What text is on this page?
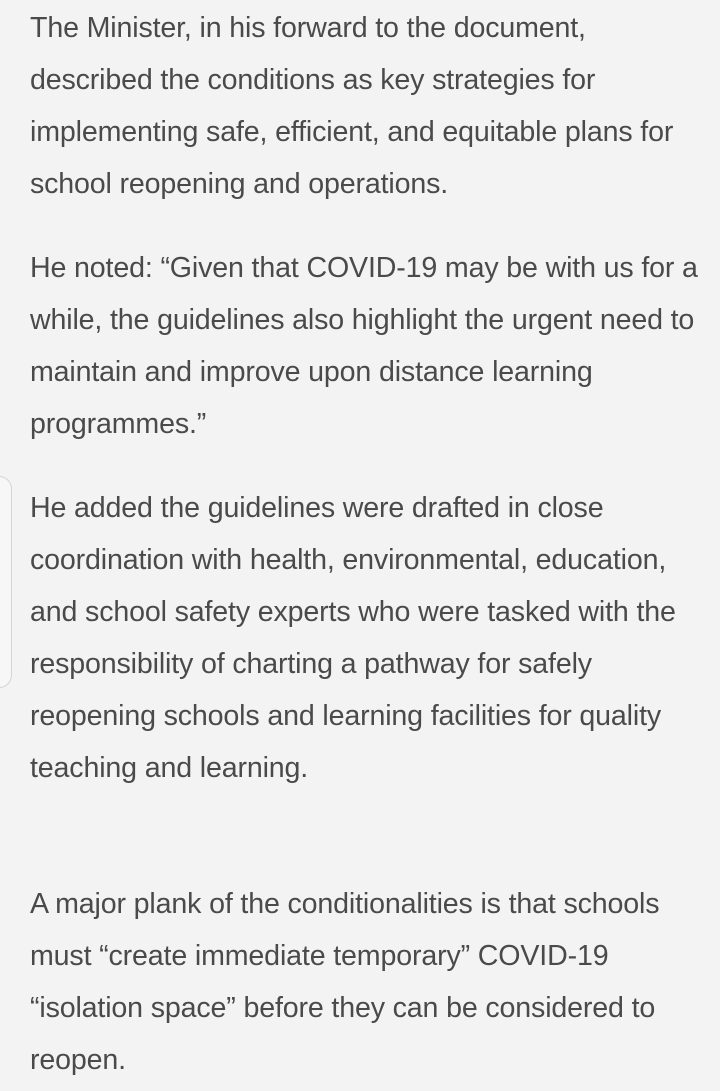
The Minister, in his forward to the document, described the conditions as key strategies for implementing safe, efficient, and equitable plans for school reopening and operations.

He noted: “Given that COVID-19 may be with us for a while, the guidelines also highlight the urgent need to maintain and improve upon distance learning programmes.”

He added the guidelines were drafted in close coordination with health, environmental, education, and school safety experts who were tasked with the responsibility of charting a pathway for safely reopening schools and learning facilities for quality teaching and learning.

A major plank of the conditionalities is that schools must “create immediate temporary” COVID-19 “isolation space” before they can be considered to reopen.
